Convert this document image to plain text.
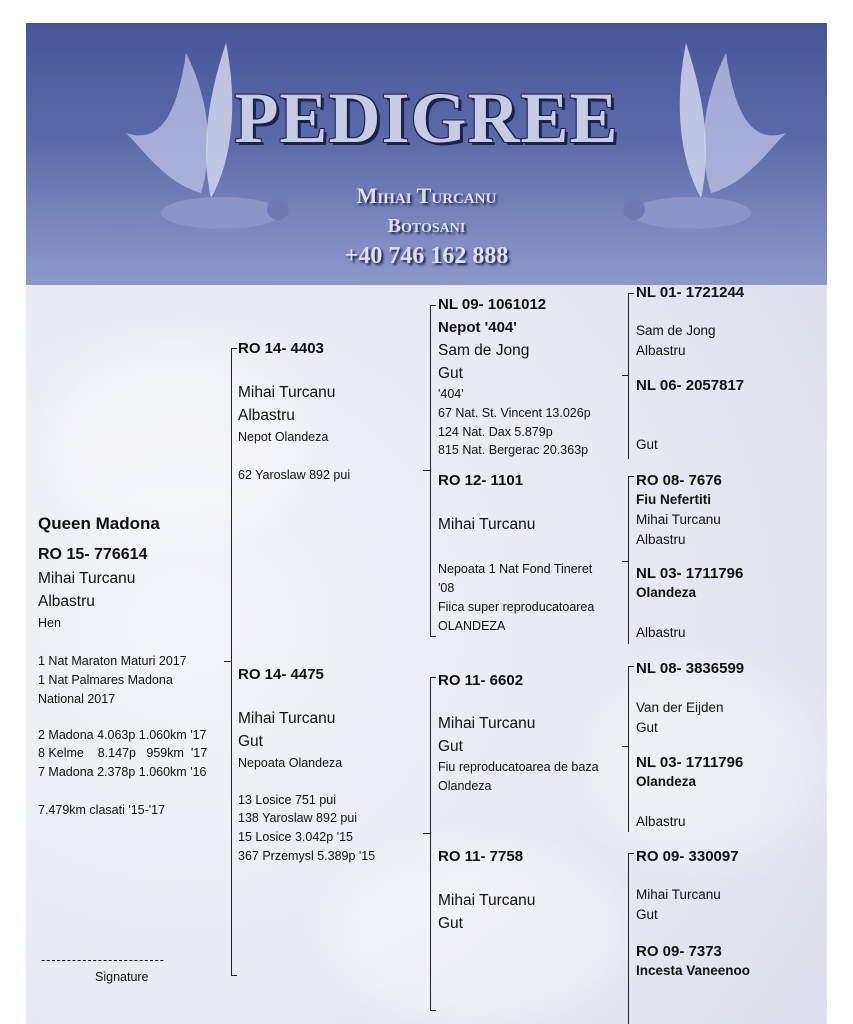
PEDIGREE
Mihai Turcanu
Botosani
+40 746 162 888
Queen Madona
RO 15- 776614
Mihai Turcanu
Albastru
Hen
1 Nat Maraton Maturi 2017
1 Nat Palmares Madona
National 2017
2 Madona 4.063p 1.060km '17
8 Kelme    8.147p   959km  '17
7 Madona 2.378p 1.060km '16
7.479km clasati '15-'17
------------------------
Signature
RO 14- 4403
Mihai Turcanu
Albastru
Nepot Olandeza
62 Yaroslaw 892 pui
RO 14- 4475
Mihai Turcanu
Gut
Nepoata Olandeza
13 Losice 751 pui
138 Yaroslaw 892 pui
15 Losice 3.042p '15
367 Przemysl 5.389p '15
NL 09- 1061012
Nepot '404'
Sam de Jong
Gut
'404'
67 Nat. St. Vincent 13.026p
124 Nat. Dax 5.879p
815 Nat. Bergerac 20.363p
RO 12- 1101
Mihai Turcanu
Nepoata 1 Nat Fond Tineret
'08
Fiica super reproducatoarea
OLANDEZA
RO 11- 6602
Mihai Turcanu
Gut
Fiu reproducatoarea de baza
Olandeza
RO 11- 7758
Mihai Turcanu
Gut
NL 01- 1721244
Sam de Jong
Albastru
NL 06- 2057817
Gut
RO 08- 7676
Fiu Nefertiti
Mihai Turcanu
Albastru
NL 03- 1711796
Olandeza
Albastru
NL 08- 3836599
Van der Eijden
Gut
NL 03- 1711796
Olandeza
Albastru
RO 09- 330097
Mihai Turcanu
Gut
RO 09- 7373
Incesta Vaneenoo
